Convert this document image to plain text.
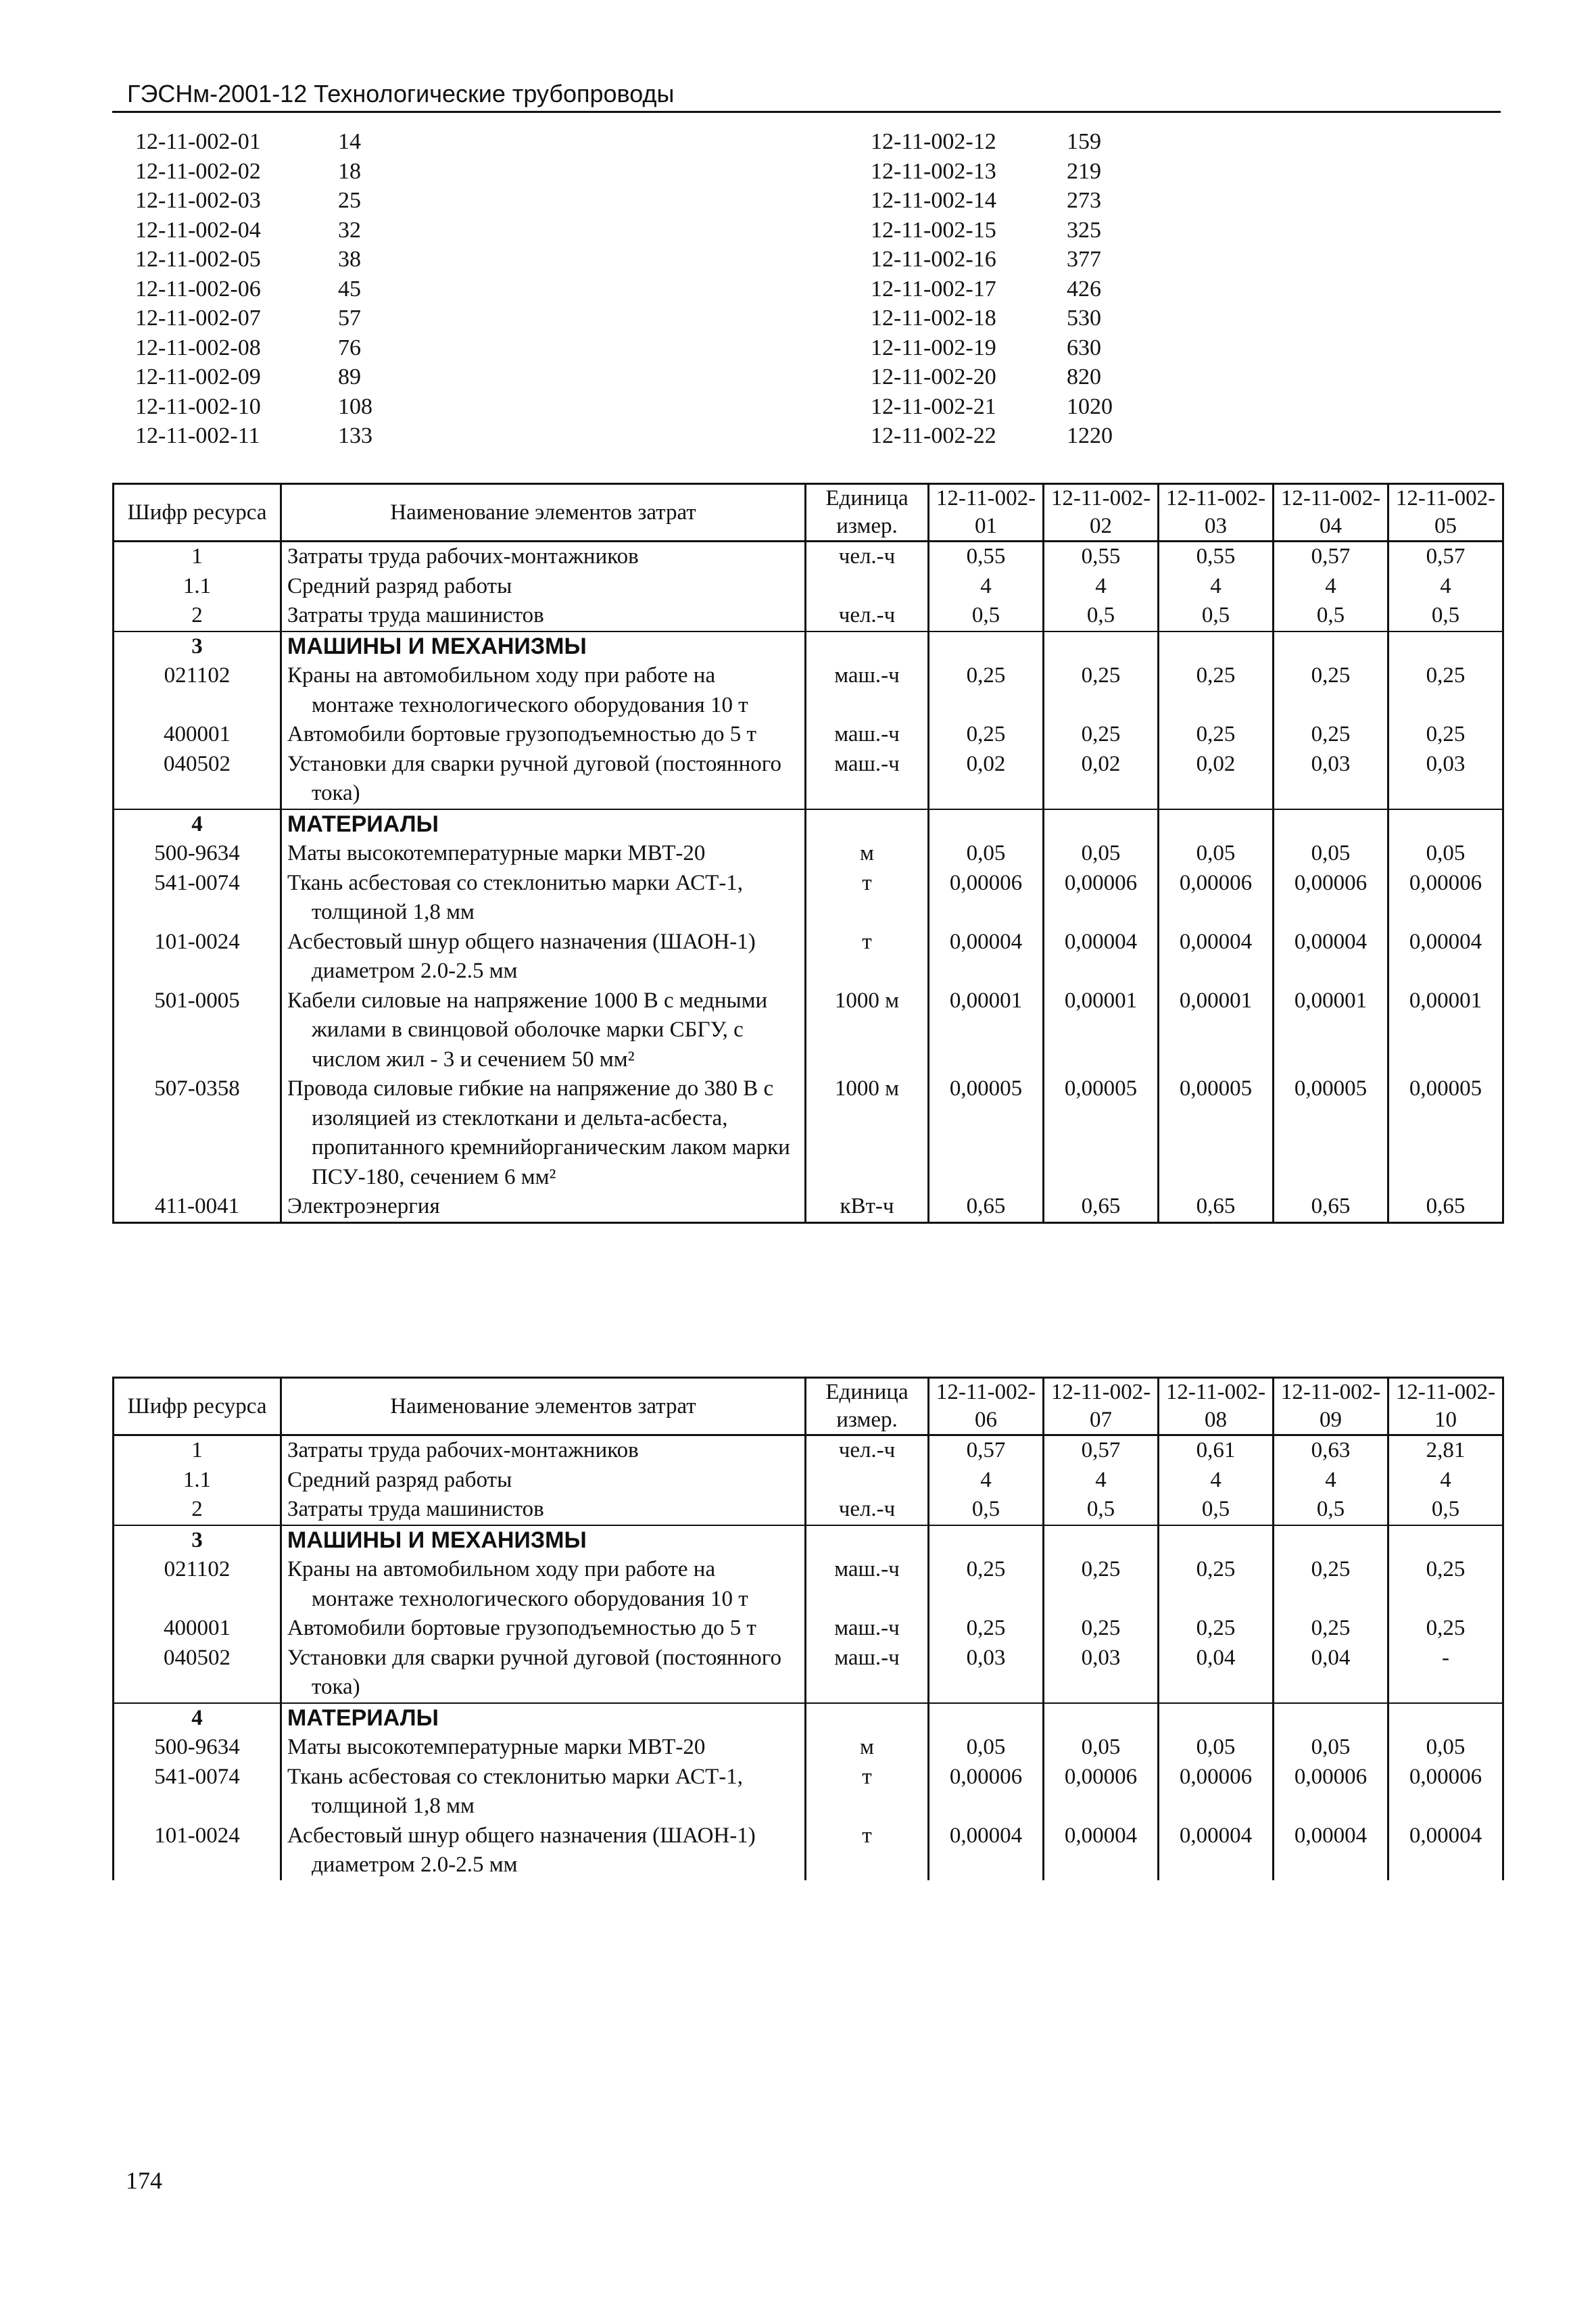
ГЭСНм-2001-12 Технологические трубопроводы
12-11-002-01	14
12-11-002-02	18
12-11-002-03	25
12-11-002-04	32
12-11-002-05	38
12-11-002-06	45
12-11-002-07	57
12-11-002-08	76
12-11-002-09	89
12-11-002-10	108
12-11-002-11	133
12-11-002-12	159
12-11-002-13	219
12-11-002-14	273
12-11-002-15	325
12-11-002-16	377
12-11-002-17	426
12-11-002-18	530
12-11-002-19	630
12-11-002-20	820
12-11-002-21	1020
12-11-002-22	1220
Шифр ресурса	Наименование элементов затрат	Единица измер.	12-11-002-01	12-11-002-02	12-11-002-03	12-11-002-04	12-11-002-05
1	Затраты труда рабочих-монтажников	чел.-ч	0,55	0,55	0,55	0,57	0,57
1.1	Средний разряд работы		4	4	4	4	4
2	Затраты труда машинистов	чел.-ч	0,5	0,5	0,5	0,5	0,5
3	МАШИНЫ И МЕХАНИЗМЫ						

021102	Краны на автомобильном ходу при работе на монтаже технологического оборудования 10 т	маш.-ч	0,25	0,25	0,25	0,25	0,25
400001	Автомобили бортовые грузоподъемностью до 5 т	маш.-ч	0,25	0,25	0,25	0,25	0,25
040502	Установки для сварки ручной дуговой (постоянного тока)	маш.-ч	0,02	0,02	0,02	0,03	0,03
4	МАТЕРИАЛЫ						

500-9634	Маты высокотемпературные марки МВТ-20	м	0,05	0,05	0,05	0,05	0,05
541-0074	Ткань асбестовая со стеклонитью марки АСТ-1, толщиной 1,8 мм	т	0,00006	0,00006	0,00006	0,00006	0,00006
101-0024	Асбестовый шнур общего назначения (ШАОН-1) диаметром 2.0-2.5 мм	т	0,00004	0,00004	0,00004	0,00004	0,00004
501-0005	Кабели силовые на напряжение 1000 В с медными жилами в свинцовой оболочке марки СБГУ, с числом жил - 3 и сечением 50 мм²	1000 м	0,00001	0,00001	0,00001	0,00001	0,00001
507-0358	Провода силовые гибкие на напряжение до 380 В с изоляцией из стеклоткани и дельта-асбеста, пропитанного кремнийорганическим лаком марки ПСУ-180, сечением 6 мм²	1000 м	0,00005	0,00005	0,00005	0,00005	0,00005
411-0041	Электроэнергия	кВт-ч	0,65	0,65	0,65	0,65	0,65
Шифр ресурса	Наименование элементов затрат	Единица измер.	12-11-002-06	12-11-002-07	12-11-002-08	12-11-002-09	12-11-002-10
1	Затраты труда рабочих-монтажников	чел.-ч	0,57	0,57	0,61	0,63	2,81
1.1	Средний разряд работы		4	4	4	4	4
2	Затраты труда машинистов	чел.-ч	0,5	0,5	0,5	0,5	0,5
3	МАШИНЫ И МЕХАНИЗМЫ						

021102	Краны на автомобильном ходу при работе на монтаже технологического оборудования 10 т	маш.-ч	0,25	0,25	0,25	0,25	0,25
400001	Автомобили бортовые грузоподъемностью до 5 т	маш.-ч	0,25	0,25	0,25	0,25	0,25
040502	Установки для сварки ручной дуговой (постоянного тока)	маш.-ч	0,03	0,03	0,04	0,04	-
4	МАТЕРИАЛЫ						

500-9634	Маты высокотемпературные марки МВТ-20	м	0,05	0,05	0,05	0,05	0,05
541-0074	Ткань асбестовая со стеклонитью марки АСТ-1, толщиной 1,8 мм	т	0,00006	0,00006	0,00006	0,00006	0,00006
101-0024	Асбестовый шнур общего назначения (ШАОН-1) диаметром 2.0-2.5 мм	т	0,00004	0,00004	0,00004	0,00004	0,00004
174
